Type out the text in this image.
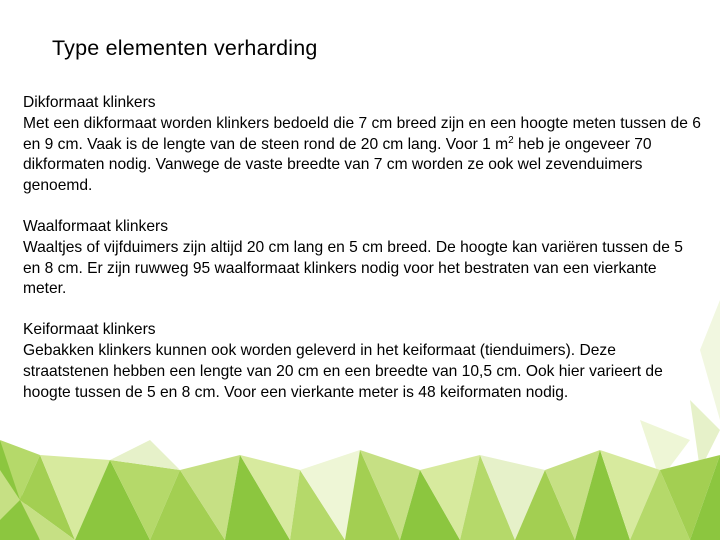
Type elementen verharding
Dikformaat klinkers

Met een dikformaat worden klinkers bedoeld die 7 cm breed zijn en een hoogte meten tussen de 6 en 9 cm. Vaak is de lengte van de steen rond de 20 cm lang. Voor 1 $m^2$ heb je ongeveer 70 dikformaten nodig. Vanwege de vaste breedte van 7 cm worden ze ook wel zevenduimers genoemd.

Waalformaat klinkers

Waaltjes of vijfduimers zijn altijd 20 cm lang en 5 cm breed. De hoogte kan variëren tussen de 5 en 8 cm. Er zijn ruwweg 95 waalformaat klinkers nodig voor het bestraten van een vierkante meter.

Keiformaat klinkers

Gebakken klinkers kunnen ook worden geleverd in het keiformaat (tienduimers). Deze straatstenen hebben een lengte van 20 cm en een breedte van 10,5 cm. Ook hier varieert de hoogte tussen de 5 en 8 cm. Voor een vierkante meter is 48 keiformaten nodig.
